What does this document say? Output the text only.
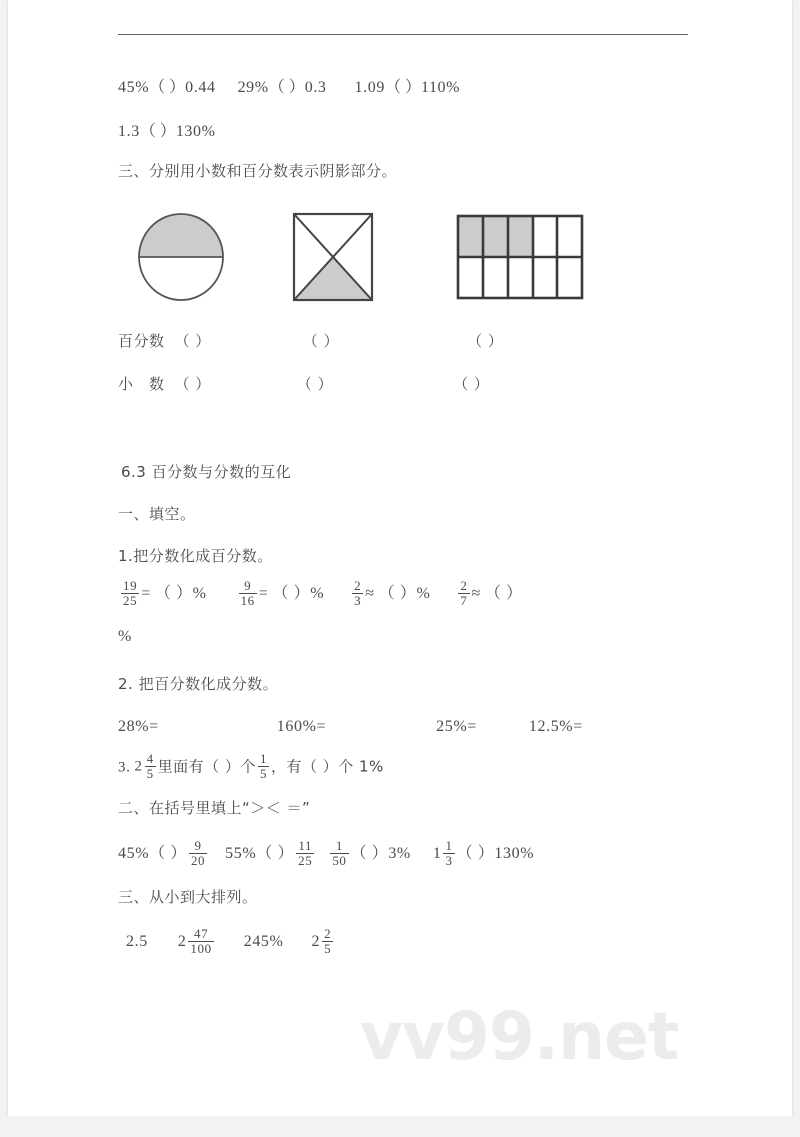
45%（ ）0.44 29%（ ）0.3 1.09（ ）110%
1.3（ ）130%
三、分别用小数和百分数表示阴影部分。
百分数 （ ）	（ ）	（ ）
小　数 （ ）	（ ）	（ ）
6.3 百分数与分数的互化
一、填空。
1.把分数化成百分数。
$\frac{19}{25}$ = （ ）% $\frac{9}{16}$ = （ ）% $\frac{2}{3}$ ≈ （ ）% $\frac{2}{7}$ ≈ （ ）
%
2. 把百分数化成分数。
28%=	160%=	25%=	12.5%=
3. $2 \frac{4}{5}$ 里面有（ ）个 $\frac{1}{5}$ ，有（ ）个 1%
二、在括号里填上“＞＜ ＝”
45%（ ） $\frac{9}{20} 55\%$（ ） $\frac{11}{25} \frac{1}{50}$ （ ）3% $1 \frac{1}{3}$ （ ）130%
三、从小到大排列。
2.5 $2 \frac{47}{100} 245\%$ $2 \frac{2}{5}$
vv99.net
